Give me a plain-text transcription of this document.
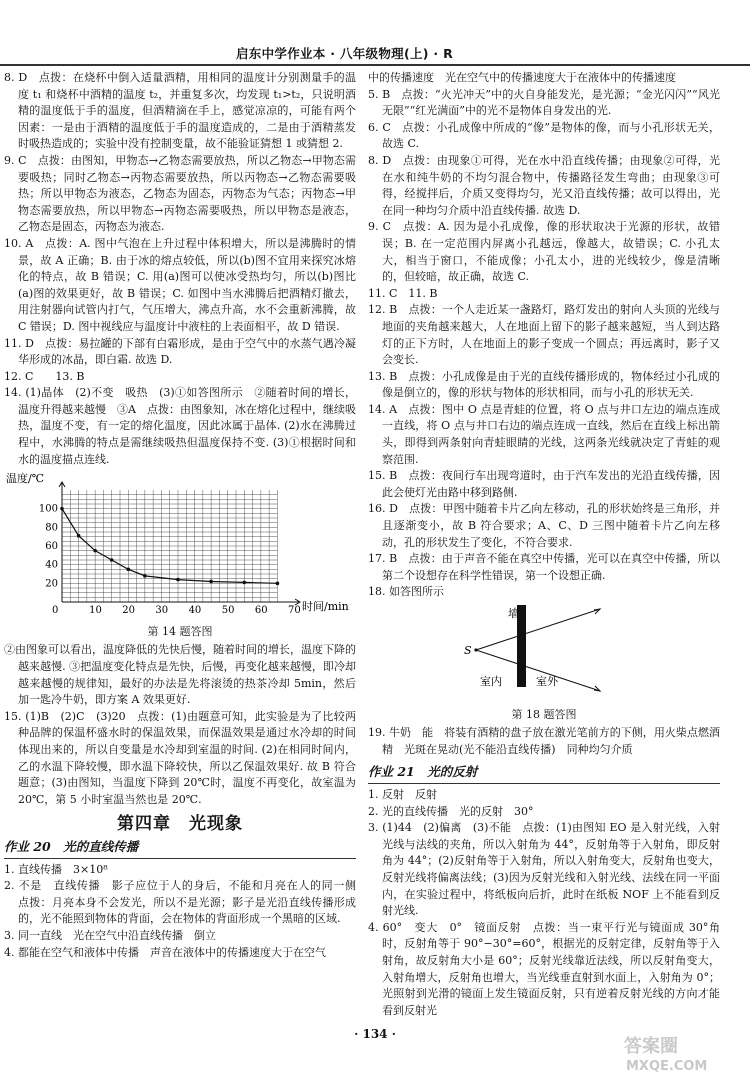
启东中学作业本 · 八年级物理(上) · R

8. D　点拨：在烧杯中倒入适量酒精，用相同的温度计分别测量手的温度 t₁ 和烧杯中酒精的温度 t₂，并重复多次，均发现 t₁>t₂，只说明酒精的温度低于手的温度，但酒精滴在手上，感觉凉凉的，可能有两个因素：一是由于酒精的温度低于手的温度造成的，二是由于酒精蒸发时吸热造成的；实验中没有控制变量，故不能验证猜想 1 或猜想 2.

9. C　点拨：由图知，甲物态→乙物态需要放热，所以乙物态→甲物态需要吸热；同时乙物态→丙物态需要放热，所以丙物态→乙物态需要吸热；所以甲物态为液态，乙物态为固态，丙物态为气态；丙物态→甲物态需要放热，所以甲物态→丙物态需要吸热，所以甲物态是液态，乙物态是固态，丙物态为液态.

10. A　点拨：A. 图中气泡在上升过程中体积增大，所以是沸腾时的情景，故 A 正确；B. 由于冰的熔点较低，所以(b)图不宜用来探究冰熔化的特点，故 B 错误；C. 用(a)图可以使冰受热均匀，所以(b)图比(a)图的效果更好，故 B 错误；C. 如图中当水沸腾后把酒精灯撤去，用注射器向试管内打气，气压增大，沸点升高，水不会重新沸腾，故 C 错误；D. 图中视线应与温度计中液柱的上表面相平，故 D 错误.

11. D　点拨：易拉罐的下部有白霜形成，是由于空气中的水蒸气遇冷凝华形成的冰晶，即白霜. 故选 D.

12. C　　13. B

14. (1)晶体　(2)不变　吸热　(3)①如答图所示　②随着时间的增长，温度升得越来越慢　③A　点拨：由图象知，冰在熔化过程中，继续吸热，温度不变，有一定的熔化温度，因此冰属于晶体. (2)水在沸腾过程中，水沸腾的特点是需继续吸热但温度保持不变. (3)①根据时间和水的温度描点连线.

温度/℃
时间/min
0	10 20 30 40 50 60 70
20
40
60
80
100

第 14 题答图

②由图象可以看出，温度降低的先快后慢，随着时间的增长，温度下降的越来越慢. ③把温度变化特点是先快，后慢，再变化越来越慢，即冷却越来越慢的规律知，最好的办法是先将滚烫的热茶冷却 5min，然后加一匙冷牛奶，即方案 A 效果更好.

15. (1)B　(2)C　(3)20　点拨：(1)由题意可知，此实验是为了比较两种品牌的保温杯盛水时的保温效果，而保温效果是通过水冷却的时间体现出来的，所以自变量是水冷却到室温的时间. (2)在相同时间内，乙的水温下降较慢，即水温下降较快，所以乙保温效果好. 故 B 符合题意；(3)由图知，当温度下降到 20℃时，温度不再变化，故室温为 20℃，第 5 小时室温当然也是 20℃.

第四章　光现象
作业 20　光的直线传播

1. 直线传播　3×10⁸

2. 不是　直线传播　影子应位于人的身后，不能和月亮在人的同一侧　点拨：月亮本身不会发光，所以不是光源；影子是光沿直线传播形成的，光不能照到物体的背面，会在物体的背面形成一个黑暗的区域.

3. 同一直线　光在空气中沿直线传播　倒立

4. 都能在空气和液体中传播　声音在液体中的传播速度大于在空气

中的传播速度　光在空气中的传播速度大于在液体中的传播速度

5. B　点拨：“火光冲天”中的火自身能发光，是光源；“金光闪闪”“风光无限”“红光满面”中的光不是物体自身发出的光.

6. C　点拨：小孔成像中所成的“像”是物体的像，而与小孔形状无关，故选 C.

8. D　点拨：由现象①可得，光在水中沿直线传播；由现象②可得，光在水和纯牛奶的不均匀混合物中，传播路径发生弯曲；由现象③可得，经搅拌后，介质又变得均匀，光又沿直线传播；故可以得出，光在同一种均匀介质中沿直线传播. 故选 D.

9. C　点拨：A. 因为是小孔成像，像的形状取决于光源的形状，故错误；B. 在一定范围内屏离小孔越远，像越大，故错误；C. 小孔太大，相当于窗口，不能成像；小孔太小，进的光线较少，像是清晰的，但较暗，故正确，故选 C.

11. C　11. B

12. B　点拨：一个人走近某一盏路灯，路灯发出的射向人头顶的光线与地面的夹角越来越大，人在地面上留下的影子越来越短，当人到达路灯的正下方时，人在地面上的影子变成一个圆点；再远离时，影子又会变长.

13. B　点拨：小孔成像是由于光的直线传播形成的，物体经过小孔成的像是倒立的，像的形状与物体的形状相同，而与小孔的形状无关.

14. A　点拨：图中 O 点是青蛙的位置，将 O 点与井口左边的端点连成一直线，将 O 点与井口右边的端点连成一直线，然后在直线上标出箭头，即得到两条射向青蛙眼睛的光线，这两条光线就决定了青蛙的观察范围.

15. B　点拨：夜间行车出现弯道时，由于汽车发出的光沿直线传播，因此会使灯光由路中移到路侧.

16. D　点拨：甲图中随着卡片乙向左移动，孔的形状始终是三角形，并且逐渐变小，故 B 符合要求；A、C、D 三图中随着卡片乙向左移动，孔的形状发生了变化，不符合要求.

17. B　点拨：由于声音不能在真空中传播，光可以在真空中传播，所以第二个设想存在科学性错误，第一个设想正确.

18. 如答图所示

墙
S
室内	室外

第 18 题答图

19. 牛奶　能　将装有酒精的盘子放在激光笔前方的下侧，用火柴点燃酒精　光斑在晃动(光不能沿直线传播)　同种均匀介质

作业 21　光的反射

1. 反射　反射

2. 光的直线传播　光的反射　30°

3. (1)44　(2)偏离　(3)不能　点拨：(1)由图知 EO 是入射光线，入射光线与法线的夹角，所以入射角为 44°，反射角等于入射角，即反射角为 44°；(2)反射角等于入射角，所以入射角变大，反射角也变大，反射光线将偏离法线；(3)因为反射光线和入射光线、法线在同一平面内，在实验过程中，将纸板向后折，此时在纸板 NOF 上不能看到反射光线.

4. 60°　变大　0°　镜面反射　点拨：当一束平行光与镜面成 30°角时，反射角等于 90°−30°=60°，根据光的反射定律，反射角等于入射角，故反射角大小是 60°；反射光线靠近法线，所以反射角变大，入射角增大，反射角也增大，当光线垂直射到水面上，入射角为 0°；光照射到光滑的镜面上发生镜面反射，只有逆着反射光线的方向才能看到反射光

· 134 ·
答案圈
MXQE.COM
